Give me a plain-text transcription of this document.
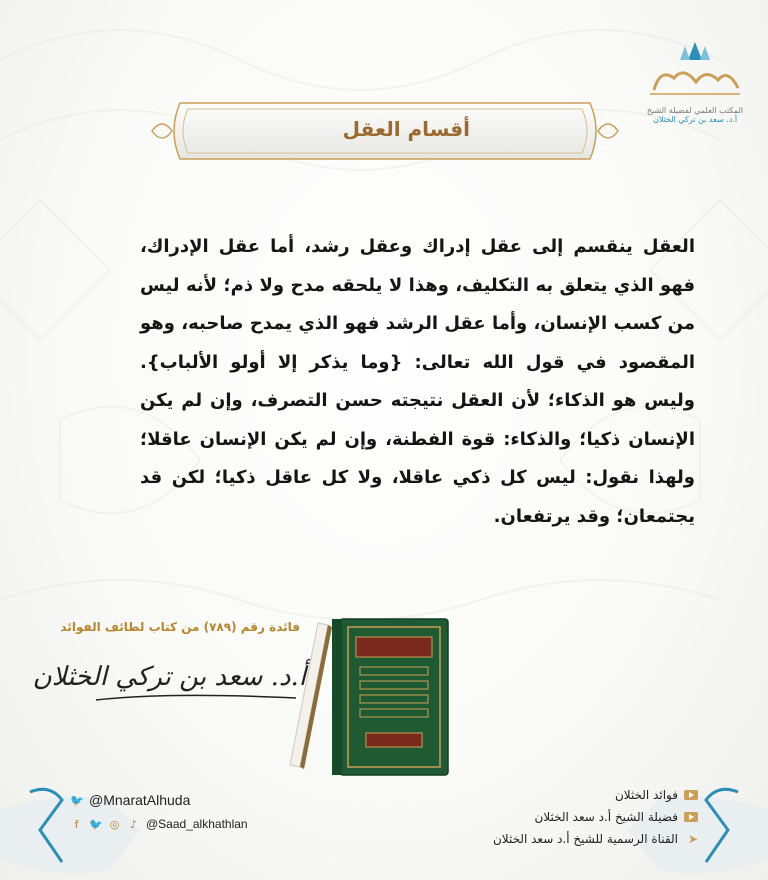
المكتب العلمي لفضيلة الشيخ
أ.د. سعد بن تركي الخثلان
أقسام العقل
العقل ينقسم إلى عقل إدراك وعقل رشد، أما عقل الإدراك، فهو الذي يتعلق به التكليف، وهذا لا يلحقه مدح ولا ذم؛ لأنه ليس من كسب الإنسان، وأما عقل الرشد فهو الذي يمدح صاحبه، وهو المقصود في قول الله تعالى: {وما يذكر إلا أولو الألباب}. وليس هو الذكاء؛ لأن العقل نتيجته حسن التصرف، وإن لم يكن الإنسان ذكيا؛ والذكاء: قوة الفطنة، وإن لم يكن الإنسان عاقلا؛ ولهذا نقول: ليس كل ذكي عاقلا، ولا كل عاقل ذكيا؛ لكن قد يجتمعان؛ وقد يرتفعان.
فائدة رقم (٧٨٩) من كتاب لطائف الفوائد
أ.د. سعد بن تركي الخثلان
🐦 @MnaratAlhuda
f 🐦 ◎ ♪ @Saad_alkhathlan
فوائد الخثلان
فضيلة الشيخ أ.د سعد الخثلان
➤
القناة الرسمية للشيخ أ.د سعد الخثلان
